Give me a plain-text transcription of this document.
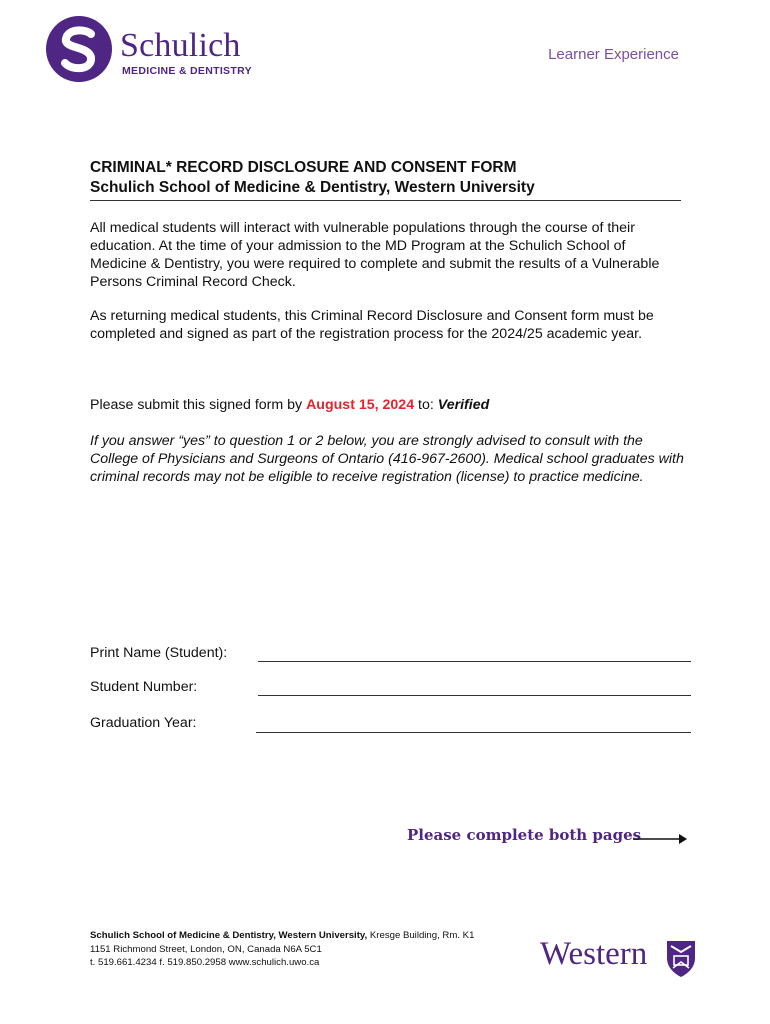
Schulich
MEDICINE & DENTISTRY
Learner Experience
CRIMINAL* RECORD DISCLOSURE AND CONSENT FORM
Schulich School of Medicine & Dentistry, Western University
All medical students will interact with vulnerable populations through the course of their education. At the time of your admission to the MD Program at the Schulich School of Medicine & Dentistry, you were required to complete and submit the results of a Vulnerable Persons Criminal Record Check.
As returning medical students, this Criminal Record Disclosure and Consent form must be completed and signed as part of the registration process for the 2024/25 academic year.
Please submit this signed form by August 15, 2024 to: Verified
If you answer “yes” to question 1 or 2 below, you are strongly advised to consult with the College of Physicians and Surgeons of Ontario (416-967-2600). Medical school graduates with criminal records may not be eligible to receive registration (license) to practice medicine.
Print Name (Student):
Student Number:
Graduation Year:
Please complete both pages
Schulich School of Medicine & Dentistry, Western University, Kresge Building, Rm. K1
1151 Richmond Street, London, ON, Canada N6A 5C1
t. 519.661.4234 f. 519.850.2958 www.schulich.uwo.ca	Western
